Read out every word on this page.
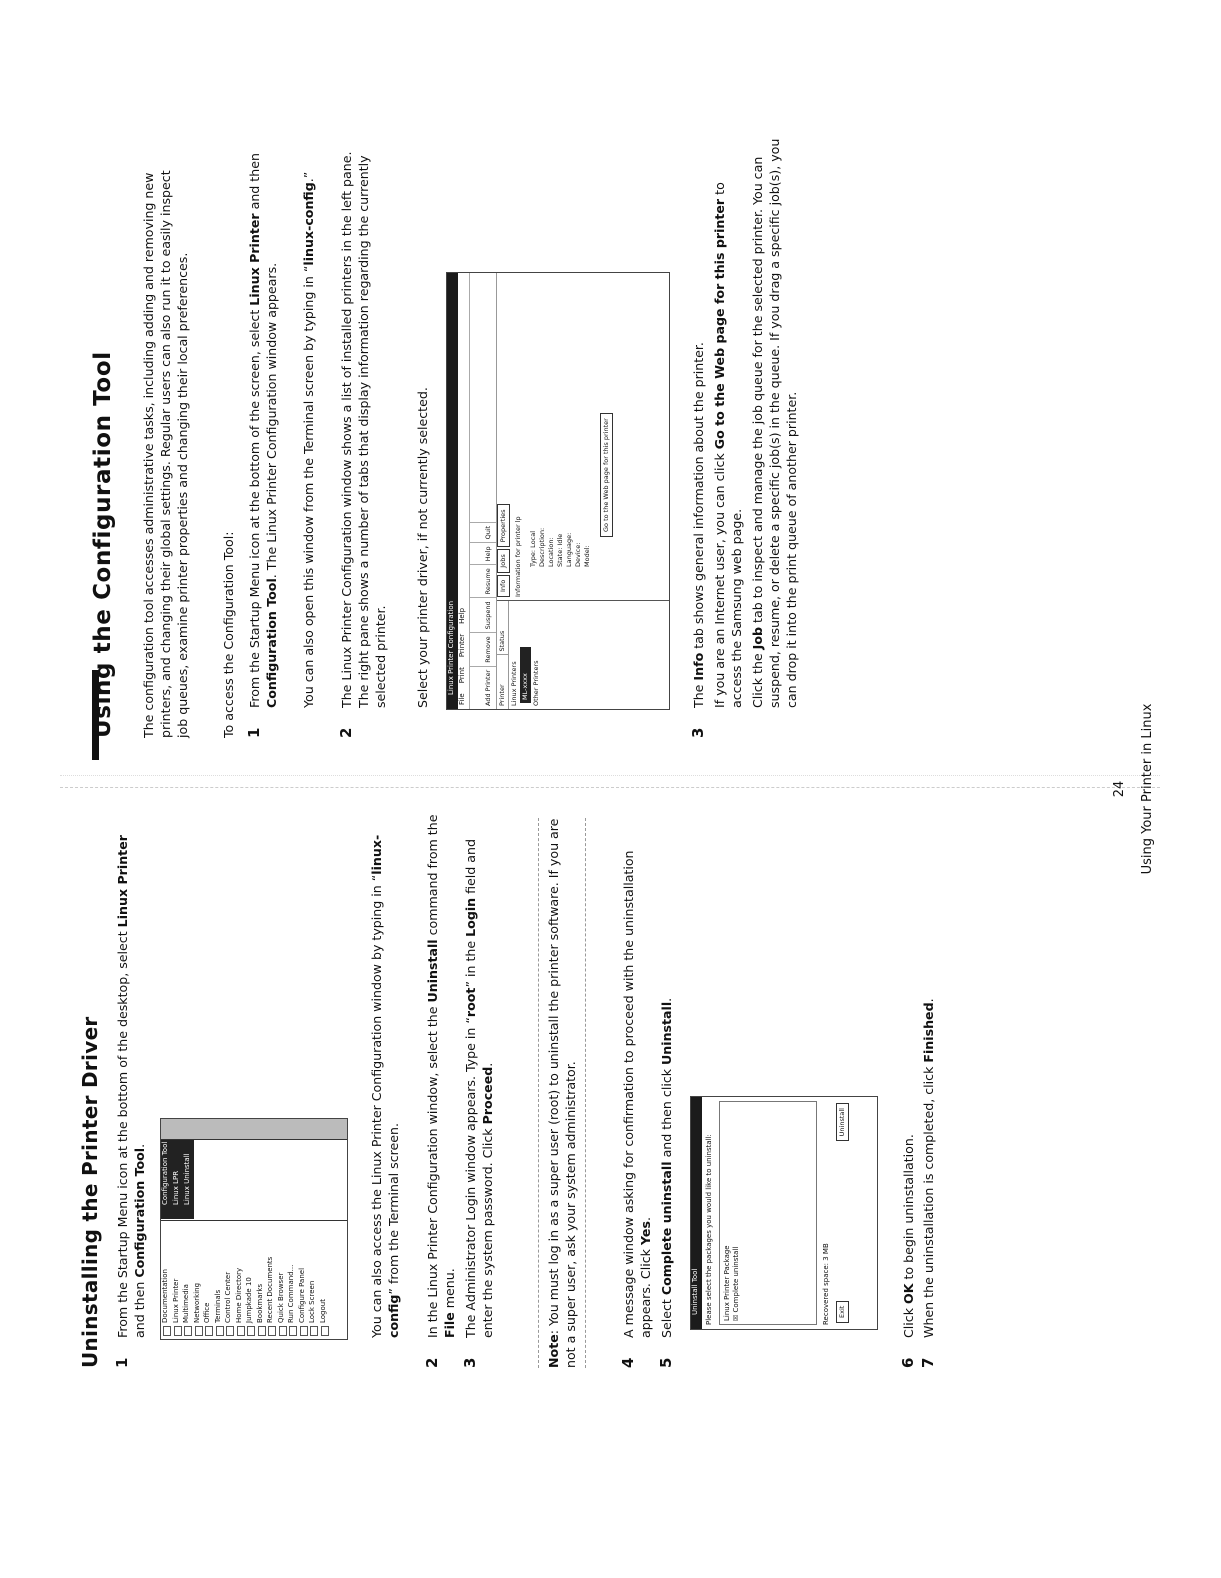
Uninstalling the Printer Driver 1
From the Startup Menu icon at the bottom of the desktop, select Linux Printer and then Configuration Tool.
Documentation Linux Printer Multimedia Networking Office Terminals Control Center Home Directory Jumpkade 10 Bookmarks Recent Documents Quick Browser Run Command... Configure Panel Lock Screen Logout
Configuration Tool Linux LPR Linux Uninstall	You can also access the Linux Printer Configuration window by typing in “linux-config” from the Terminal screen.
2
In the Linux Printer Configuration window, select the Uninstall command from the File menu.
3
The Administrator Login window appears. Type in “root” in the Login field and enter the system password. Click Proceed.
Note: You must log in as a super user (root) to uninstall the printer software. If you are not a super user, ask your system administrator.	4
A message window asking for confirmation to proceed with the uninstallation appears. Click Yes.
5
Select Complete uninstall and then click Uninstall.
Uninstall Tool Please select the packages you would like to uninstall:	Linux Printer Package ☒ Complete uninstall	Recovered space: 3 MB	Exit
Uninstall
6
Click OK to begin uninstallation.
7
When the uninstallation is completed, click Finished.
Using the Configuration Tool The configuration tool accesses administrative tasks, including adding and removing new printers, and changing their global settings. Regular users can also run it to easily inspect job queues, examine printer properties and changing their local preferences. To access the Configuration Tool: 1
From the Startup Menu icon at the bottom of the screen, select Linux Printer and then Configuration Tool. The Linux Printer Configuration window appears. You can also open this window from the Terminal screen by typing in “linux-config.”
2
The Linux Printer Configuration window shows a list of installed printers in the left pane. The right pane shows a number of tabs that display information regarding the currently selected printer. Select your printer driver, if not currently selected. Linux Printer Configuration
FilePrintPrinterHelp
Add Printer
Remove
Suspend
Resume
Help
Quit
Printer
Status
Linux Printers ML-xxxx Other Printers
Info
Jobs
Properties	Information for printer lp Type: Local Description: Location: State: Idle Language: Device: Model:
Go to the Web page for this printer
3
The Info tab shows general information about the printer. If you are an Internet user, you can click Go to the Web page for this printer to access the Samsung web page. Click the Job tab to inspect and manage the job queue for the selected printer. You can suspend, resume, or delete a specific job(s) in the queue. If you drag a specific job(s), you can drop it into the print queue of another printer.
24 Using Your Printer in Linux
